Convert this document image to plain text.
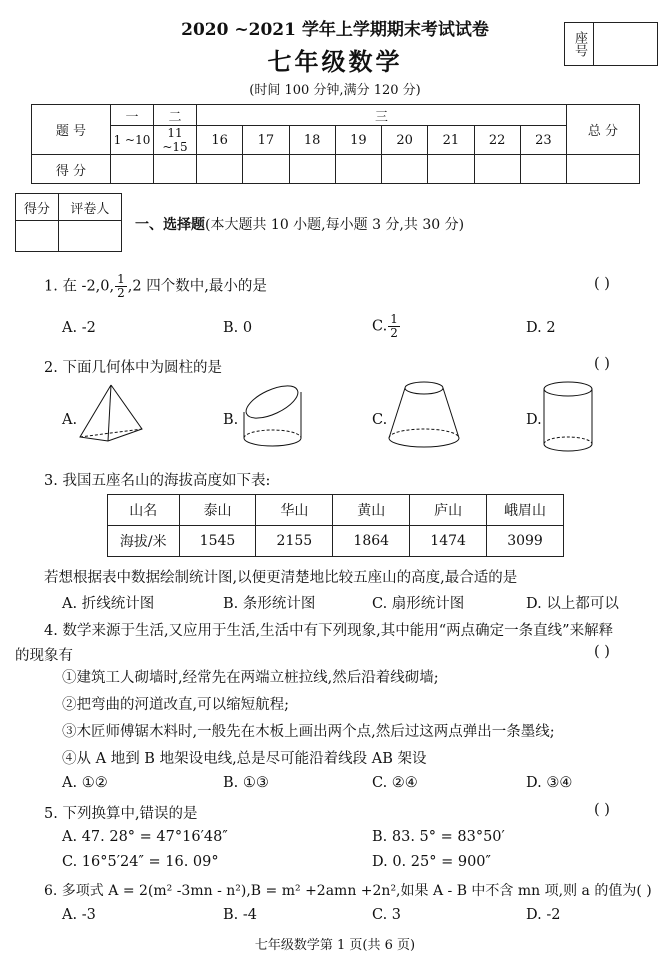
2020 ~2021 学年上学期期末考试试卷
七年级数学
(时间 100 分钟,满分 120 分)
座号
题 号	一	二	三								总 分
	1 ~10	11 ~15	16	17	18	19	20	21	22	23	
得 分											
得分	评卷人

一、选择题(本大题共 10 小题,每小题 3 分,共 30 分)
1. 在 -2,0, $\frac{1}{2} ,2$ 四个数中,最小的是	( )
A. -2	B. 0	C. $\frac{1}{2}$	D. 2
2. 下面几何体中为圆柱的是	( )
A.	B.	C.	D.
3. 我国五座名山的海拔高度如下表:
山名	泰山	华山	黄山	庐山	峨眉山
海拔/米	1545	2155	1864	1474	3099
若想根据表中数据绘制统计图,以便更清楚地比较五座山的高度,最合适的是
A. 折线统计图	B. 条形统计图	C. 扇形统计图	D. 以上都可以
4. 数学来源于生活,又应用于生活,生活中有下列现象,其中能用“两点确定一条直线”来解释
的现象有	( )
①建筑工人砌墙时,经常先在两端立桩拉线,然后沿着线砌墙;
②把弯曲的河道改直,可以缩短航程;
③木匠师傅锯木料时,一般先在木板上画出两个点,然后过这两点弹出一条墨线;
④从 A 地到 B 地架设电线,总是尽可能沿着线段 AB 架设
A. ①②	B. ①③	C. ②④	D. ③④
5. 下列换算中,错误的是	( )
A. 47. 28° = 47°16′48″	B. 83. 5° = 83°50′
C. 16°5′24″ = 16. 09°	D. 0. 25° = 900″
6. 多项式 A = 2(m² -3mn - n²),B = m² +2amn +2n²,如果 A - B 中不含 mn 项,则 a 的值为( )
A. -3	B. -4	C. 3	D. -2
七年级数学第 1 页(共 6 页)
